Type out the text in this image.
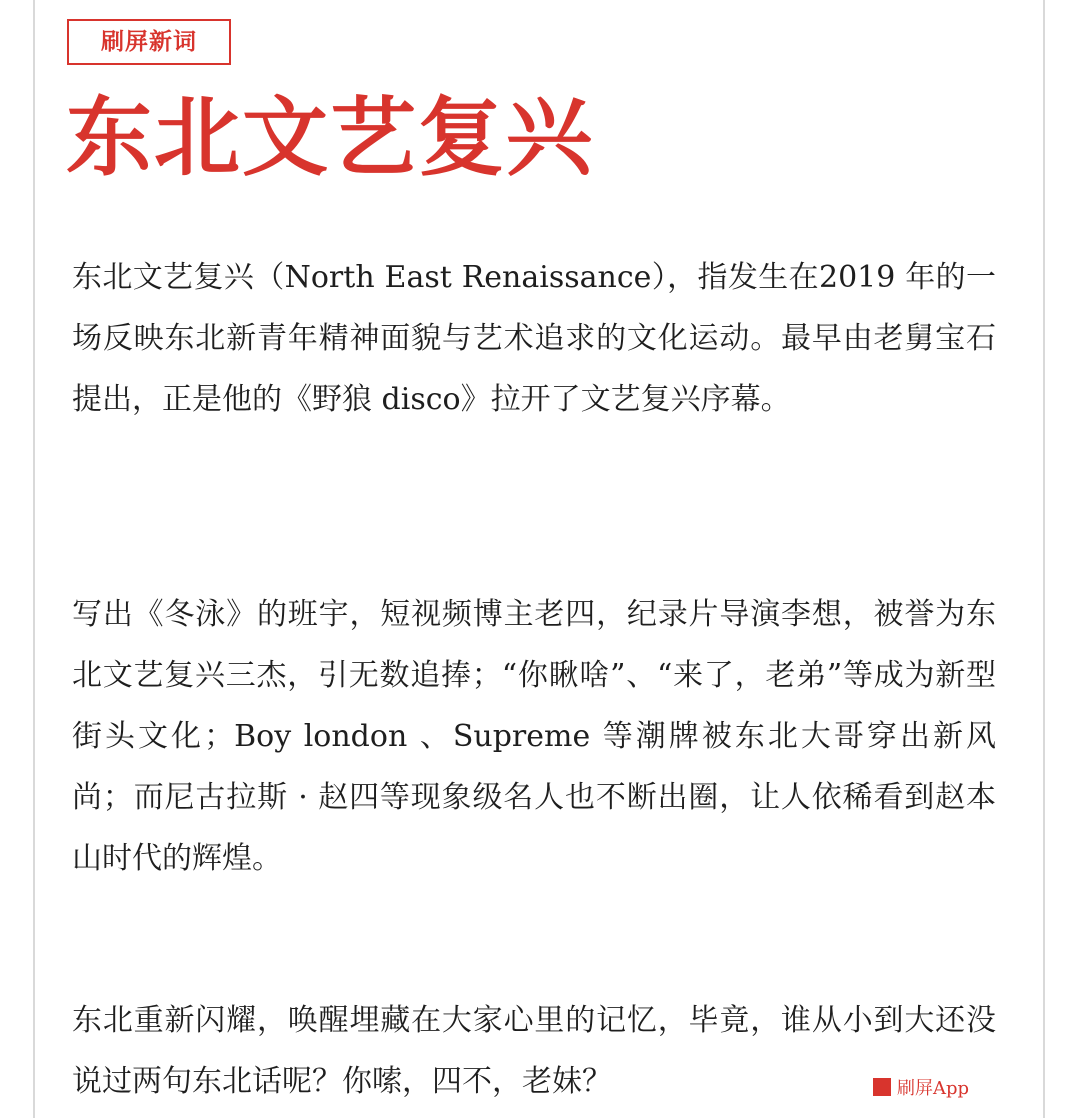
刷屏新词
东北文艺复兴

东北文艺复兴（North East Renaissance），指发生在2019 年的一场反映东北新青年精神面貌与艺术追求的文化运动。最早由老舅宝石提出，正是他的《野狼 disco》拉开了文艺复兴序幕。

写出《冬泳》的班宇，短视频博主老四，纪录片导演李想，被誉为东北文艺复兴三杰，引无数追捧；“你瞅啥”、“来了，老弟”等成为新型街头文化；Boy london 、Supreme 等潮牌被东北大哥穿出新风尚；而尼古拉斯 · 赵四等现象级名人也不断出圈，让人依稀看到赵本山时代的辉煌。

东北重新闪耀，唤醒埋藏在大家心里的记忆，毕竟，谁从小到大还没说过两句东北话呢？你嗦，四不，老妹？	刷屏App
